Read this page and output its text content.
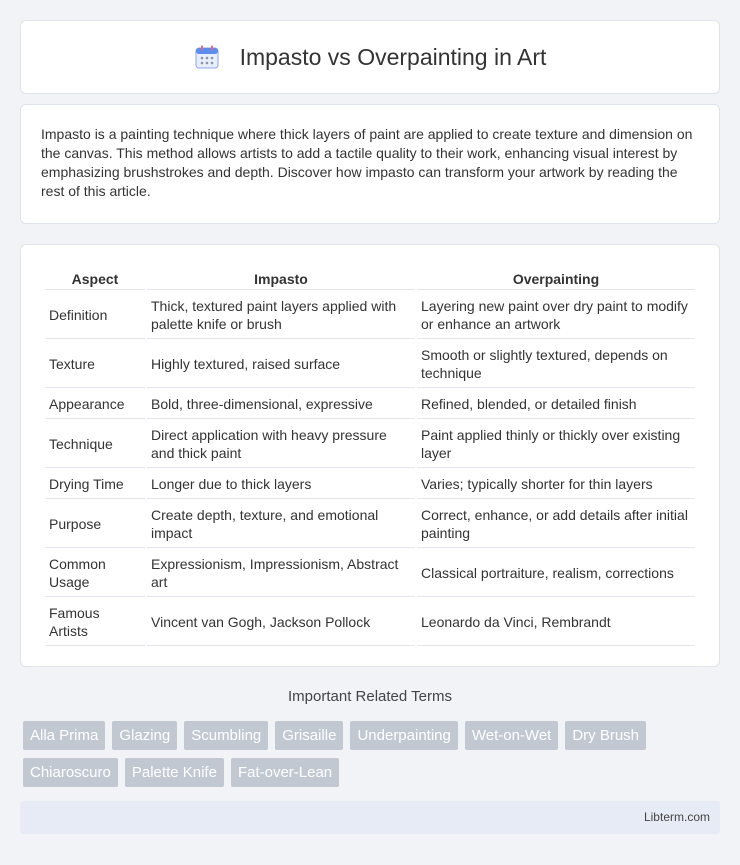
Impasto vs Overpainting in Art

Impasto is a painting technique where thick layers of paint are applied to create texture and dimension on the canvas. This method allows artists to add a tactile quality to their work, enhancing visual interest by emphasizing brushstrokes and depth. Discover how impasto can transform your artwork by reading the rest of this article.

Aspect	Impasto	Overpainting
Definition	Thick, textured paint layers applied with palette knife or brush	Layering new paint over dry paint to modify or enhance an artwork
Texture	Highly textured, raised surface	Smooth or slightly textured, depends on technique
Appearance	Bold, three-dimensional, expressive	Refined, blended, or detailed finish
Technique	Direct application with heavy pressure and thick paint	Paint applied thinly or thickly over existing layer
Drying Time	Longer due to thick layers	Varies; typically shorter for thin layers
Purpose	Create depth, texture, and emotional impact	Correct, enhance, or add details after initial painting
Common Usage	Expressionism, Impressionism, Abstract art	Classical portraiture, realism, corrections
Famous Artists	Vincent van Gogh, Jackson Pollock	Leonardo da Vinci, Rembrandt
Important Related Terms
Alla Prima	Glazing	Scumbling	Grisaille	Underpainting	Wet-on-Wet	Dry Brush
Chiaroscuro	Palette Knife	Fat-over-Lean
Libterm.com
